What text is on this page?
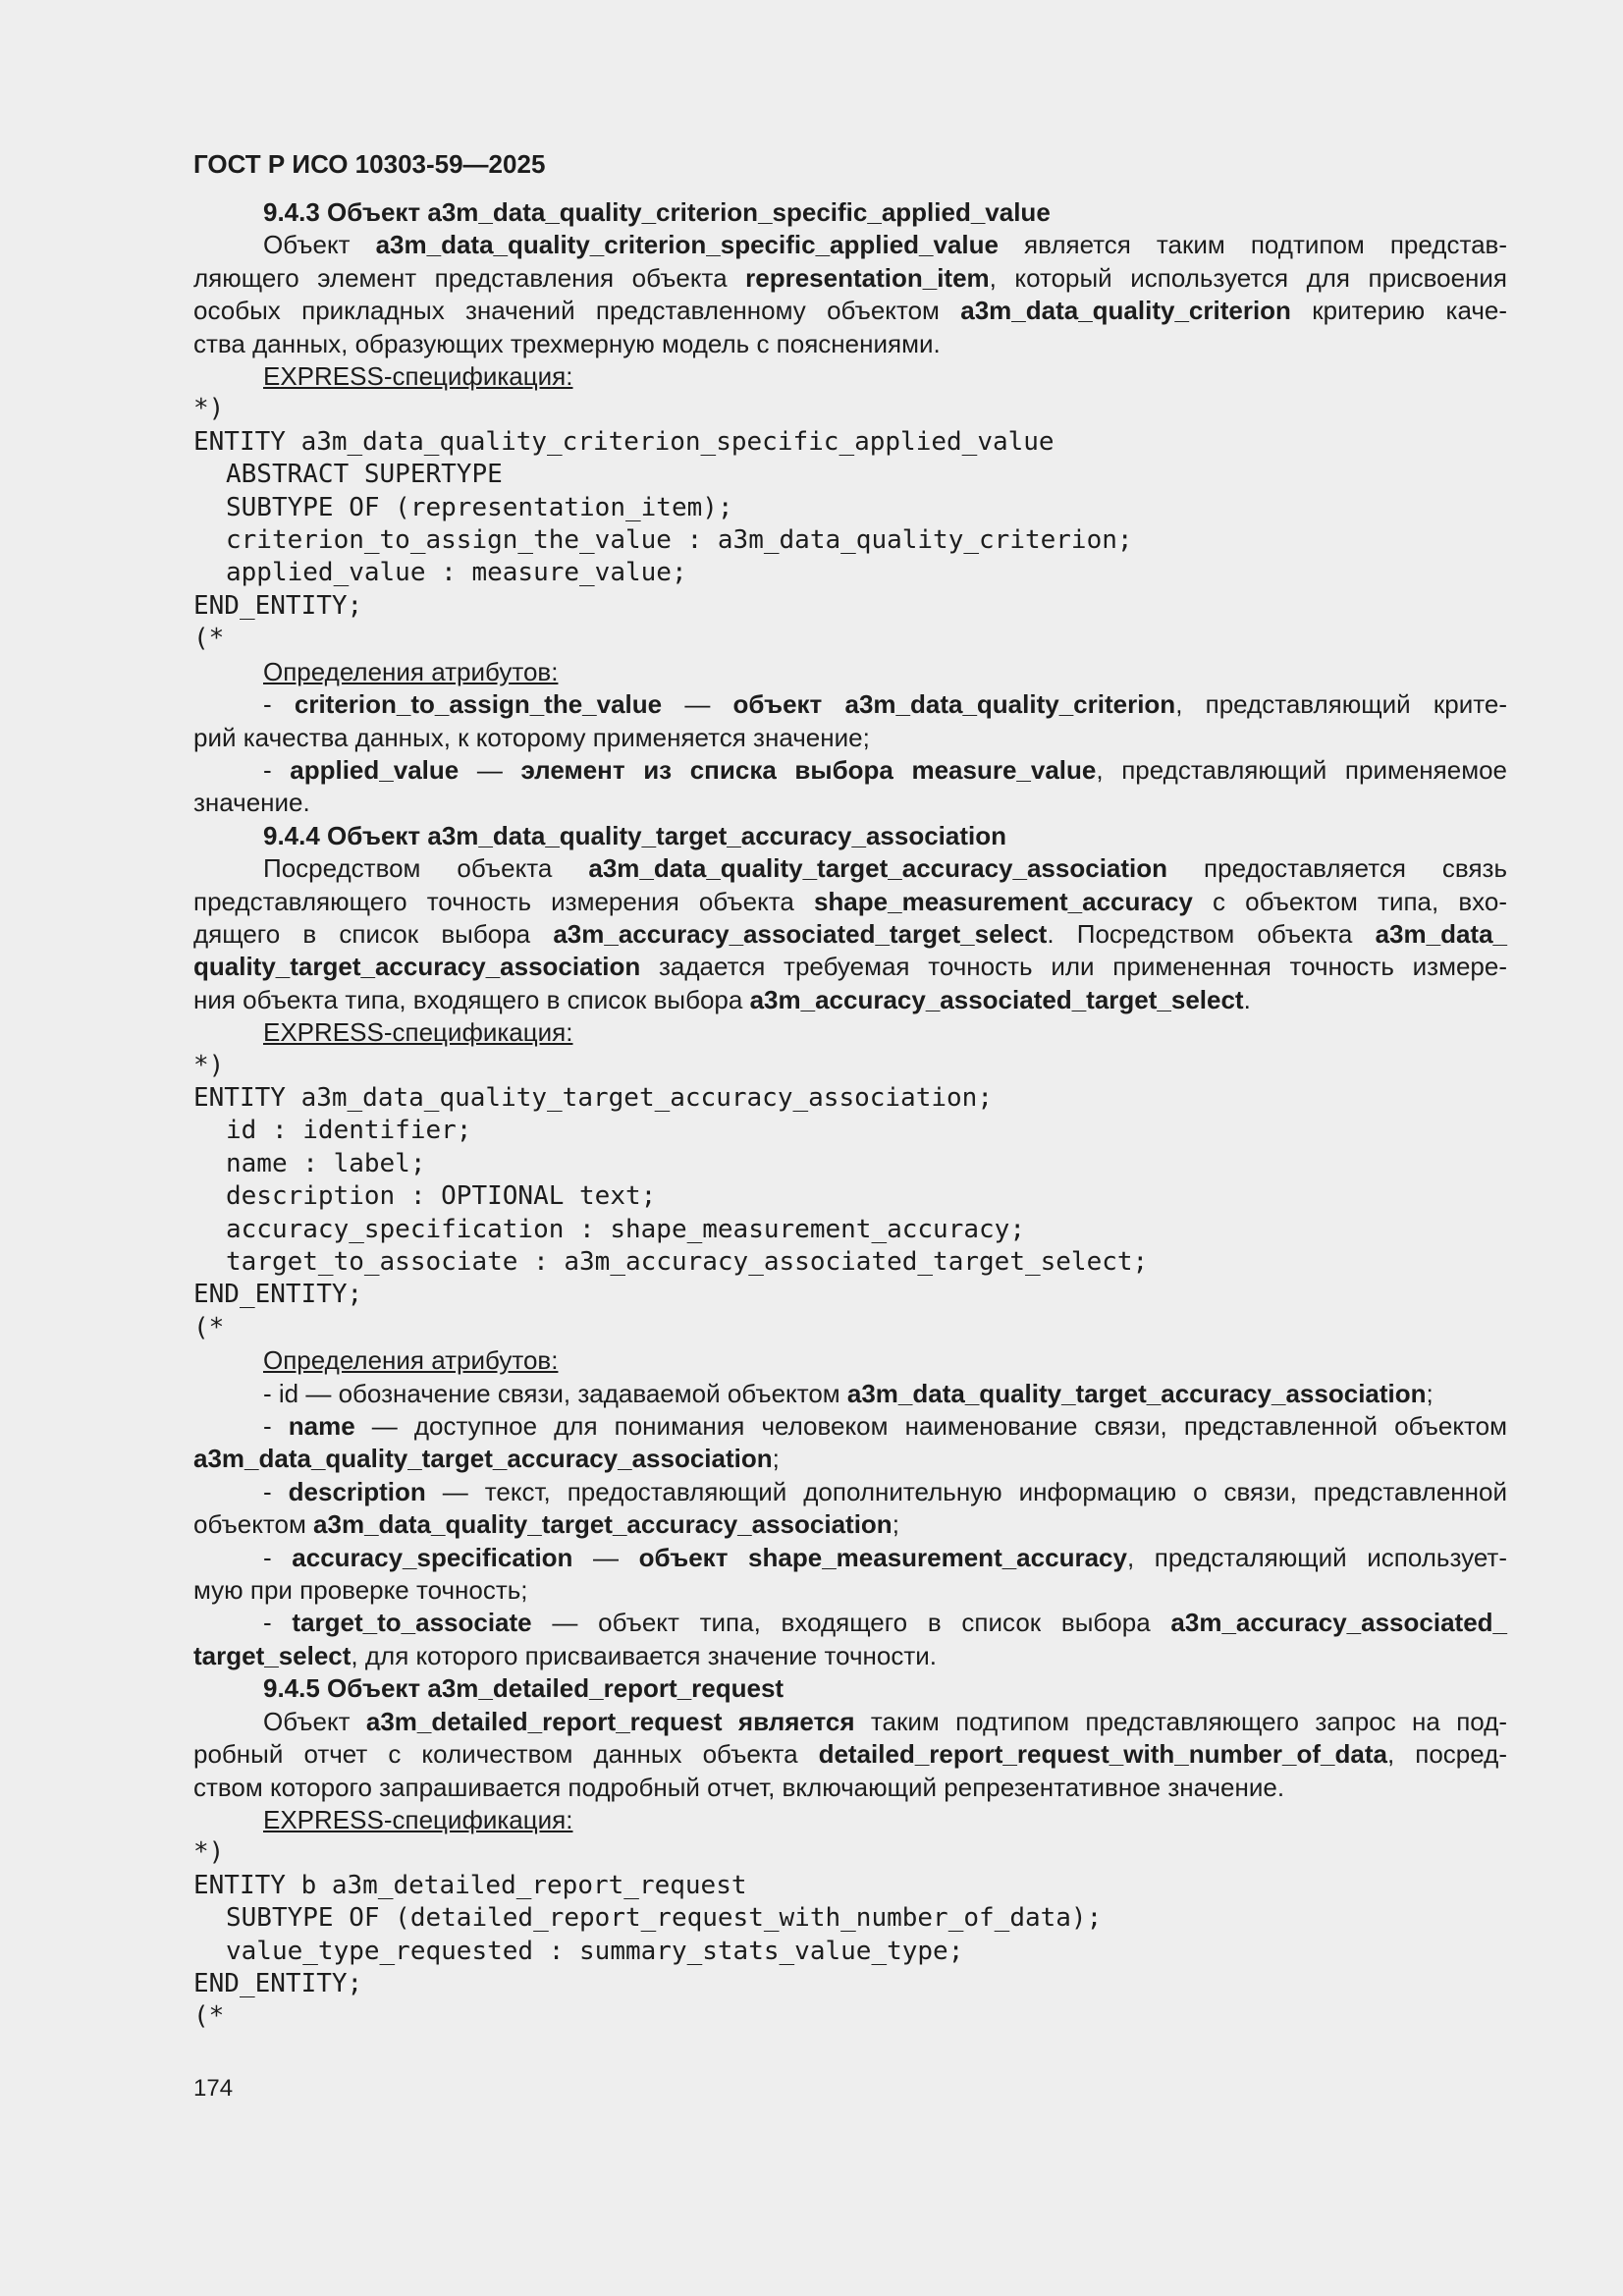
ГОСТ Р ИСО 10303-59—2025

9.4.3 Объект a3m_data_quality_criterion_specific_applied_value

Объект a3m_data_quality_criterion_specific_applied_value является таким подтипом представ-

ляющего элемент представления объекта representation_item, который используется для присвоения

особых прикладных значений представленному объектом a3m_data_quality_criterion критерию каче-

ства данных, образующих трехмерную модель с пояснениями.

EXPRESS-спецификация:

*)

ENTITY a3m_data_quality_criterion_specific_applied_value

ABSTRACT SUPERTYPE

SUBTYPE OF (representation_item);

criterion_to_assign_the_value : a3m_data_quality_criterion;

applied_value : measure_value;

END_ENTITY;

(*

Определения атрибутов:

- criterion_to_assign_the_value — объект a3m_data_quality_criterion, представляющий крите-

рий качества данных, к которому применяется значение;

- applied_value — элемент из списка выбора measure_value, представляющий применяемое

значение.

9.4.4 Объект a3m_data_quality_target_accuracy_association

Посредством объекта a3m_data_quality_target_accuracy_association предоставляется связь

представляющего точность измерения объекта shape_measurement_accuracy с объектом типа, вхо-

дящего в список выбора a3m_accuracy_associated_target_select. Посредством объекта a3m_data_

quality_target_accuracy_association задается требуемая точность или примененная точность измере-

ния объекта типа, входящего в список выбора a3m_accuracy_associated_target_select.

EXPRESS-спецификация:

*)

ENTITY a3m_data_quality_target_accuracy_association;

id : identifier;

name : label;

description : OPTIONAL text;

accuracy_specification : shape_measurement_accuracy;

target_to_associate : a3m_accuracy_associated_target_select;

END_ENTITY;

(*

Определения атрибутов:

- id — обозначение связи, задаваемой объектом a3m_data_quality_target_accuracy_association;

- name — доступное для понимания человеком наименование связи, представленной объектом

a3m_data_quality_target_accuracy_association;

- description — текст, предоставляющий дополнительную информацию о связи, представленной

объектом a3m_data_quality_target_accuracy_association;

- accuracy_specification — объект shape_measurement_accuracy, предсталяющий использует-

мую при проверке точность;

- target_to_associate — объект типа, входящего в список выбора a3m_accuracy_associated_

target_select, для которого присваивается значение точности.

9.4.5 Объект a3m_detailed_report_request

Объект a3m_detailed_report_request является таким подтипом представляющего запрос на под-

робный отчет с количеством данных объекта detailed_report_request_with_number_of_data, посред-

ством которого запрашивается подробный отчет, включающий репрезентативное значение.

EXPRESS-спецификация:

*)

ENTITY b a3m_detailed_report_request

SUBTYPE OF (detailed_report_request_with_number_of_data);

value_type_requested : summary_stats_value_type;

END_ENTITY;

(*

174
